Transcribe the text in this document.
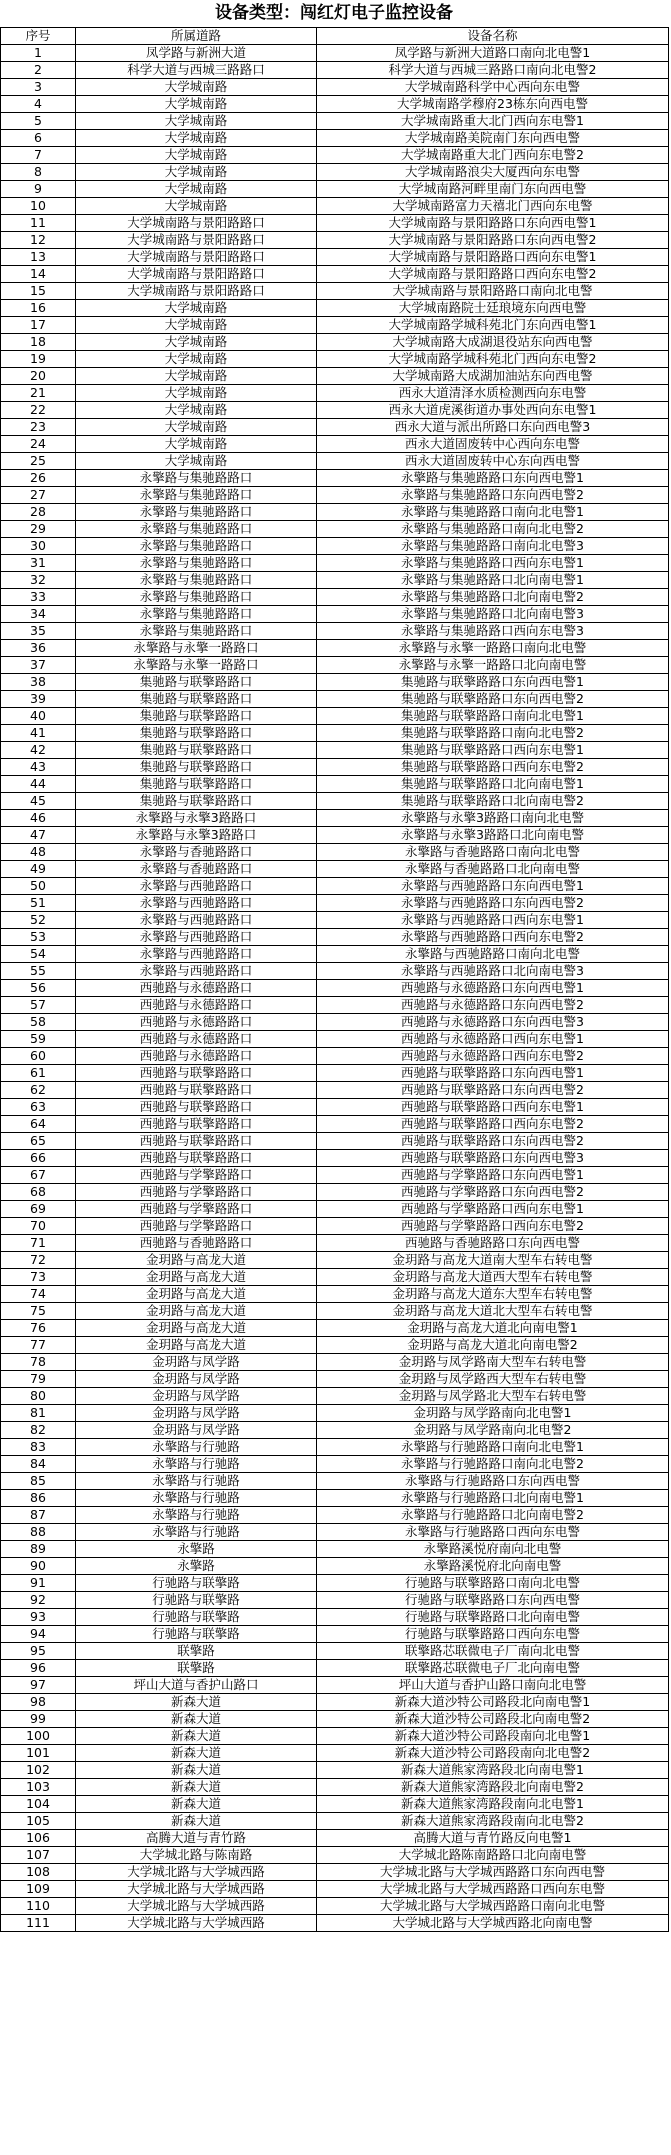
设备类型：闯红灯电子监控设备
序号	所属道路	设备名称
1	凤学路与新洲大道	凤学路与新洲大道路口南向北电警1
2	科学大道与西城三路路口	科学大道与西城三路路口南向北电警2
3	大学城南路	大学城南路科学中心西向东电警
4	大学城南路	大学城南路学穆府23栋东向西电警
5	大学城南路	大学城南路重大北门西向东电警1
6	大学城南路	大学城南路美院南门东向西电警
7	大学城南路	大学城南路重大北门西向东电警2
8	大学城南路	大学城南路浪尖大厦西向东电警
9	大学城南路	大学城南路河畔里南门东向西电警
10	大学城南路	大学城南路富力天禧北门西向东电警
11	大学城南路与景阳路路口	大学城南路与景阳路路口东向西电警1
12	大学城南路与景阳路路口	大学城南路与景阳路路口东向西电警2
13	大学城南路与景阳路路口	大学城南路与景阳路路口西向东电警1
14	大学城南路与景阳路路口	大学城南路与景阳路路口西向东电警2
15	大学城南路与景阳路路口	大学城南路与景阳路路口南向北电警
16	大学城南路	大学城南路院士廷琅境东向西电警
17	大学城南路	大学城南路学城科苑北门东向西电警1
18	大学城南路	大学城南路大成湖退役站东向西电警
19	大学城南路	大学城南路学城科苑北门西向东电警2
20	大学城南路	大学城南路大成湖加油站东向西电警
21	大学城南路	西永大道清泽水质检测西向东电警
22	大学城南路	西永大道虎溪街道办事处西向东电警1
23	大学城南路	西永大道与派出所路口东向西电警3
24	大学城南路	西永大道固废转中心西向东电警
25	大学城南路	西永大道固废转中心东向西电警
26	永擎路与集驰路路口	永擎路与集驰路路口东向西电警1
27	永擎路与集驰路路口	永擎路与集驰路路口东向西电警2
28	永擎路与集驰路路口	永擎路与集驰路路口南向北电警1
29	永擎路与集驰路路口	永擎路与集驰路路口南向北电警2
30	永擎路与集驰路路口	永擎路与集驰路路口南向北电警3
31	永擎路与集驰路路口	永擎路与集驰路路口西向东电警1
32	永擎路与集驰路路口	永擎路与集驰路路口北向南电警1
33	永擎路与集驰路路口	永擎路与集驰路路口北向南电警2
34	永擎路与集驰路路口	永擎路与集驰路路口北向南电警3
35	永擎路与集驰路路口	永擎路与集驰路路口西向东电警3
36	永擎路与永擎一路路口	永擎路与永擎一路路口南向北电警
37	永擎路与永擎一路路口	永擎路与永擎一路路口北向南电警
38	集驰路与联擎路路口	集驰路与联擎路路口东向西电警1
39	集驰路与联擎路路口	集驰路与联擎路路口东向西电警2
40	集驰路与联擎路路口	集驰路与联擎路路口南向北电警1
41	集驰路与联擎路路口	集驰路与联擎路路口南向北电警2
42	集驰路与联擎路路口	集驰路与联擎路路口西向东电警1
43	集驰路与联擎路路口	集驰路与联擎路路口西向东电警2
44	集驰路与联擎路路口	集驰路与联擎路路口北向南电警1
45	集驰路与联擎路路口	集驰路与联擎路路口北向南电警2
46	永擎路与永擎3路路口	永擎路与永擎3路路口南向北电警
47	永擎路与永擎3路路口	永擎路与永擎3路路口北向南电警
48	永擎路与香驰路路口	永擎路与香驰路路口南向北电警
49	永擎路与香驰路路口	永擎路与香驰路路口北向南电警
50	永擎路与西驰路路口	永擎路与西驰路路口东向西电警1
51	永擎路与西驰路路口	永擎路与西驰路路口东向西电警2
52	永擎路与西驰路路口	永擎路与西驰路路口西向东电警1
53	永擎路与西驰路路口	永擎路与西驰路路口西向东电警2
54	永擎路与西驰路路口	永擎路与西驰路路口南向北电警
55	永擎路与西驰路路口	永擎路与西驰路路口北向南电警3
56	西驰路与永德路路口	西驰路与永德路路口东向西电警1
57	西驰路与永德路路口	西驰路与永德路路口东向西电警2
58	西驰路与永德路路口	西驰路与永德路路口东向西电警3
59	西驰路与永德路路口	西驰路与永德路路口西向东电警1
60	西驰路与永德路路口	西驰路与永德路路口西向东电警2
61	西驰路与联擎路路口	西驰路与联擎路路口东向西电警1
62	西驰路与联擎路路口	西驰路与联擎路路口东向西电警2
63	西驰路与联擎路路口	西驰路与联擎路路口西向东电警1
64	西驰路与联擎路路口	西驰路与联擎路路口西向东电警2
65	西驰路与联擎路路口	西驰路与联擎路路口东向西电警2
66	西驰路与联擎路路口	西驰路与联擎路路口东向西电警3
67	西驰路与学擎路路口	西驰路与学擎路路口东向西电警1
68	西驰路与学擎路路口	西驰路与学擎路路口东向西电警2
69	西驰路与学擎路路口	西驰路与学擎路路口西向东电警1
70	西驰路与学擎路路口	西驰路与学擎路路口西向东电警2
71	西驰路与香驰路路口	西驰路与香驰路路口东向西电警
72	金玥路与高龙大道	金玥路与高龙大道南大型车右转电警
73	金玥路与高龙大道	金玥路与高龙大道西大型车右转电警
74	金玥路与高龙大道	金玥路与高龙大道东大型车右转电警
75	金玥路与高龙大道	金玥路与高龙大道北大型车右转电警
76	金玥路与高龙大道	金玥路与高龙大道北向南电警1
77	金玥路与高龙大道	金玥路与高龙大道北向南电警2
78	金玥路与凤学路	金玥路与凤学路南大型车右转电警
79	金玥路与凤学路	金玥路与凤学路西大型车右转电警
80	金玥路与凤学路	金玥路与凤学路北大型车右转电警
81	金玥路与凤学路	金玥路与凤学路南向北电警1
82	金玥路与凤学路	金玥路与凤学路南向北电警2
83	永擎路与行驰路	永擎路与行驰路路口南向北电警1
84	永擎路与行驰路	永擎路与行驰路路口南向北电警2
85	永擎路与行驰路	永擎路与行驰路路口东向西电警
86	永擎路与行驰路	永擎路与行驰路路口北向南电警1
87	永擎路与行驰路	永擎路与行驰路路口北向南电警2
88	永擎路与行驰路	永擎路与行驰路路口西向东电警
89	永擎路	永擎路溪悦府南向北电警
90	永擎路	永擎路溪悦府北向南电警
91	行驰路与联擎路	行驰路与联擎路路口南向北电警
92	行驰路与联擎路	行驰路与联擎路路口东向西电警
93	行驰路与联擎路	行驰路与联擎路路口北向南电警
94	行驰路与联擎路	行驰路与联擎路路口西向东电警
95	联擎路	联擎路芯联微电子厂南向北电警
96	联擎路	联擎路芯联微电子厂北向南电警
97	坪山大道与香护山路口	坪山大道与香护山路口南向北电警
98	新森大道	新森大道沙特公司路段北向南电警1
99	新森大道	新森大道沙特公司路段北向南电警2
100	新森大道	新森大道沙特公司路段南向北电警1
101	新森大道	新森大道沙特公司路段南向北电警2
102	新森大道	新森大道熊家湾路段北向南电警1
103	新森大道	新森大道熊家湾路段北向南电警2
104	新森大道	新森大道熊家湾路段南向北电警1
105	新森大道	新森大道熊家湾路段南向北电警2
106	高腾大道与青竹路	高腾大道与青竹路反向电警1
107	大学城北路与陈南路	大学城北路陈南路路口北向南电警
108	大学城北路与大学城西路	大学城北路与大学城西路路口东向西电警
109	大学城北路与大学城西路	大学城北路与大学城西路路口西向东电警
110	大学城北路与大学城西路	大学城北路与大学城西路路口南向北电警
111	大学城北路与大学城西路	大学城北路与大学城西路北向南电警
